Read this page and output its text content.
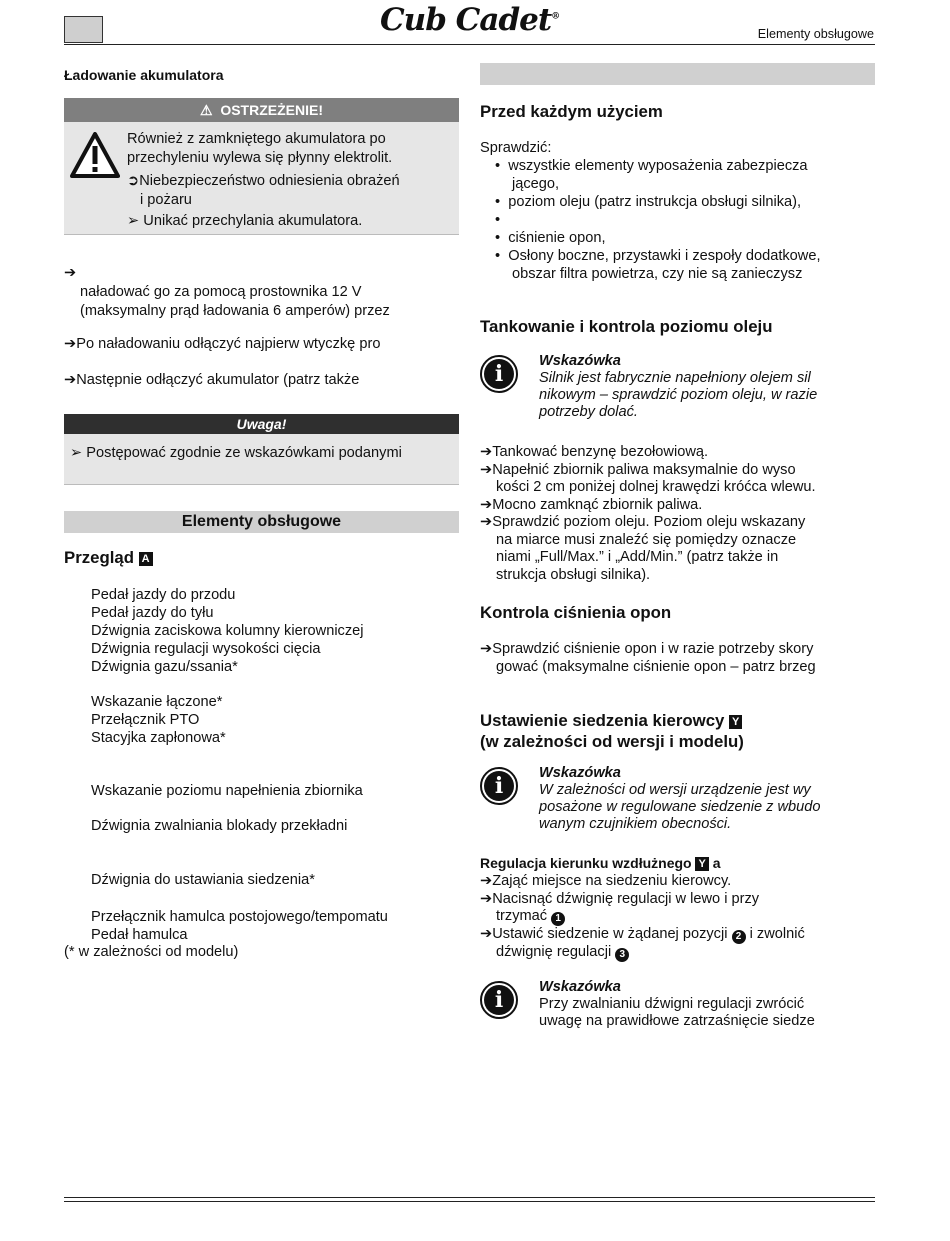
Cub Cadet®
Elementy obsługowe
Ładowanie akumulatora
⚠ OSTRZEŻENIE!
Również z zamkniętego akumulatora po
przechyleniu wylewa się płynny elektrolit.
➲Niebezpieczeństwo odniesienia obrażeń
i pożaru
➢ Unikać przechylania akumulatora.
➔
naładować go za pomocą prostownika 12 V
(maksymalny prąd ładowania 6 amperów) przez
➔Po naładowaniu odłączyć najpierw wtyczkę pro
➔Następnie odłączyć akumulator (patrz także
Uwaga!
➢ Postępować zgodnie ze wskazówkami podanymi
Elementy obsługowe
Przegląd A
Pedał jazdy do przodu
Pedał jazdy do tyłu
Dźwignia zaciskowa kolumny kierowniczej
Dźwignia regulacji wysokości cięcia
Dźwignia gazu/ssania*
Wskazanie łączone*
Przełącznik PTO
Stacyjka zapłonowa*
Wskazanie poziomu napełnienia zbiornika
Dźwignia zwalniania blokady przekładni
Dźwignia do ustawiania siedzenia*
Przełącznik hamulca postojowego/tempomatu
Pedał hamulca
(* w zależności od modelu)
Przed każdym użyciem
Sprawdzić:
•  wszystkie elementy wyposażenia zabezpiecza
jącego,
•  poziom oleju (patrz instrukcja obsługi silnika),
•
•  ciśnienie opon,
•  Osłony boczne, przystawki i zespoły dodatkowe,
obszar filtra powietrza, czy nie są zanieczysz
Tankowanie i kontrola poziomu oleju
i	Wskazówka

Silnik jest fabrycznie napełniony olejem sil

nikowym – sprawdzić poziom oleju, w razie

potrzeby dolać.

➔Tankować benzynę bezołowiową.
➔Napełnić zbiornik paliwa maksymalnie do wyso
kości 2 cm poniżej dolnej krawędzi króćca wlewu.
➔Mocno zamknąć zbiornik paliwa.
➔Sprawdzić poziom oleju. Poziom oleju wskazany
na miarce musi znaleźć się pomiędzy oznacze
niami „Full/Max.” i „Add/Min.” (patrz także in
strukcja obsługi silnika).
Kontrola ciśnienia opon
➔Sprawdzić ciśnienie opon i w razie potrzeby skory
gować (maksymalne ciśnienie opon – patrz brzeg
Ustawienie siedzenia kierowcy Y
(w zależności od wersji i modelu)
i	Wskazówka

W zależności od wersji urządzenie jest wy

posażone w regulowane siedzenie z wbudo

wanym czujnikiem obecności.

Regulacja kierunku wzdłużnego Y a
➔Zająć miejsce na siedzeniu kierowcy.
➔Nacisnąć dźwignię regulacji w lewo i przy
trzymać 1
➔Ustawić siedzenie w żądanej pozycji 2 i zwolnić
dźwignię regulacji 3
i	Wskazówka

Przy zwalnianiu dźwigni regulacji zwrócić

uwagę na prawidłowe zatrzaśnięcie siedze
